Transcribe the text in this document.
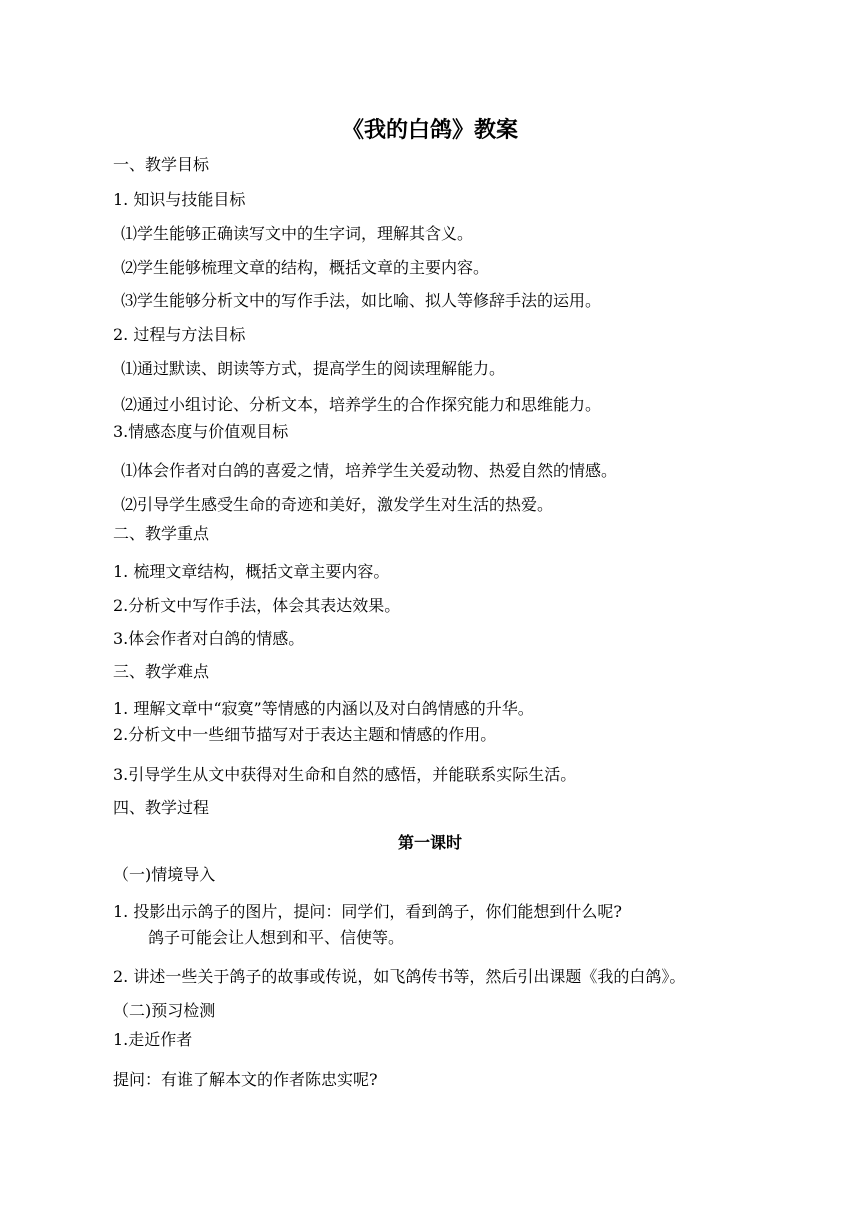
《我的白鸽》教案

一、教学目标

1. 知识与技能目标

⑴学生能够正确读写文中的生字词，理解其含义。

⑵学生能够梳理文章的结构，概括文章的主要内容。

⑶学生能够分析文中的写作手法，如比喻、拟人等修辞手法的运用。

2. 过程与方法目标

⑴通过默读、朗读等方式，提高学生的阅读理解能力。

⑵通过小组讨论、分析文本，培养学生的合作探究能力和思维能力。

3.情感态度与价值观目标

⑴体会作者对白鸽的喜爱之情，培养学生关爱动物、热爱自然的情感。

⑵引导学生感受生命的奇迹和美好，激发学生对生活的热爱。

二、教学重点

1. 梳理文章结构，概括文章主要内容。

2.分析文中写作手法，体会其表达效果。

3.体会作者对白鸽的情感。

三、教学难点

1. 理解文章中“寂寞”等情感的内涵以及对白鸽情感的升华。

2.分析文中一些细节描写对于表达主题和情感的作用。

3.引导学生从文中获得对生命和自然的感悟，并能联系实际生活。

四、教学过程

第一课时

（一)情境导入

1. 投影出示鸽子的图片，提问：同学们，看到鸽子，你们能想到什么呢?

鸽子可能会让人想到和平、信使等。

2. 讲述一些关于鸽子的故事或传说，如飞鸽传书等，然后引出课题《我的白鸽》。

（二)预习检测

1.走近作者

提问：有谁了解本文的作者陈忠实呢?
